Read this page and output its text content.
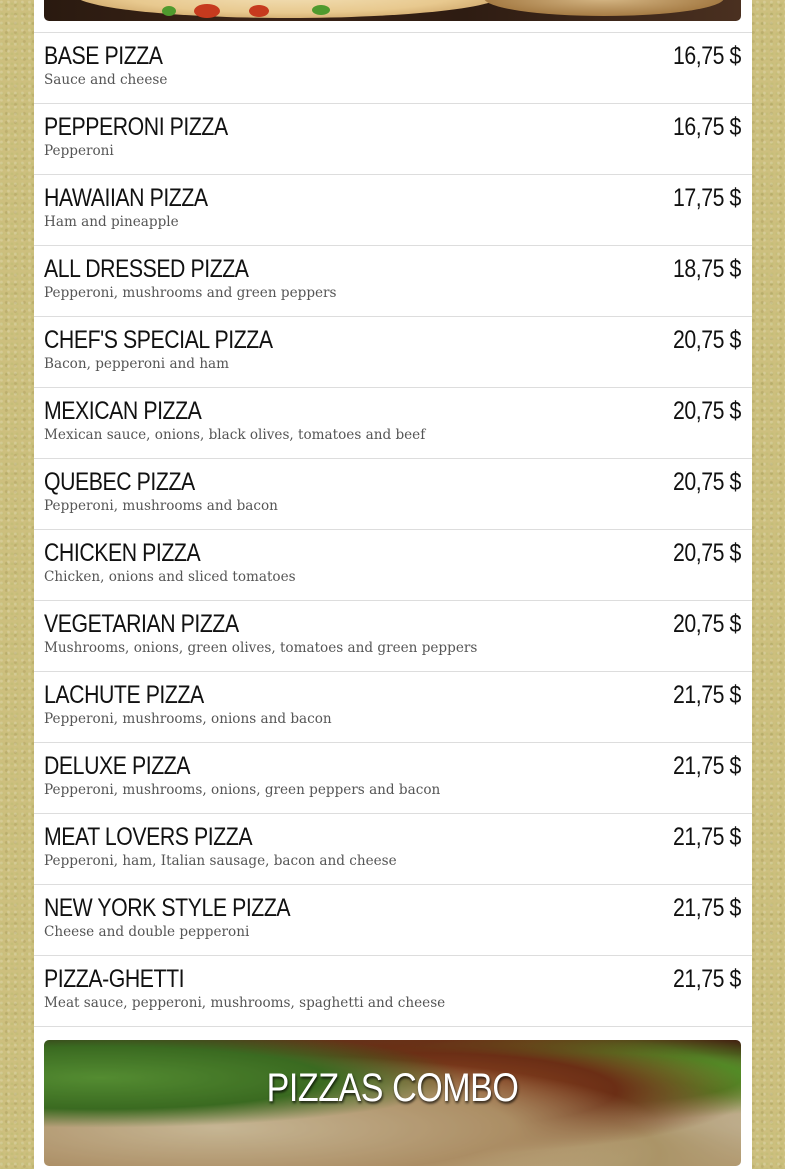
BASE PIZZA	16,75 $
Sauce and cheese
PEPPERONI PIZZA	16,75 $
Pepperoni
HAWAIIAN PIZZA	17,75 $
Ham and pineapple
ALL DRESSED PIZZA	18,75 $
Pepperoni, mushrooms and green peppers
CHEF'S SPECIAL PIZZA	20,75 $
Bacon, pepperoni and ham
MEXICAN PIZZA	20,75 $
Mexican sauce, onions, black olives, tomatoes and beef
QUEBEC PIZZA	20,75 $
Pepperoni, mushrooms and bacon
CHICKEN PIZZA	20,75 $
Chicken, onions and sliced tomatoes
VEGETARIAN PIZZA	20,75 $
Mushrooms, onions, green olives, tomatoes and green peppers
LACHUTE PIZZA	21,75 $
Pepperoni, mushrooms, onions and bacon
DELUXE PIZZA	21,75 $
Pepperoni, mushrooms, onions, green peppers and bacon
MEAT LOVERS PIZZA	21,75 $
Pepperoni, ham, Italian sausage, bacon and cheese
NEW YORK STYLE PIZZA	21,75 $
Cheese and double pepperoni
PIZZA-GHETTI	21,75 $
Meat sauce, pepperoni, mushrooms, spaghetti and cheese
PIZZAS COMBO
